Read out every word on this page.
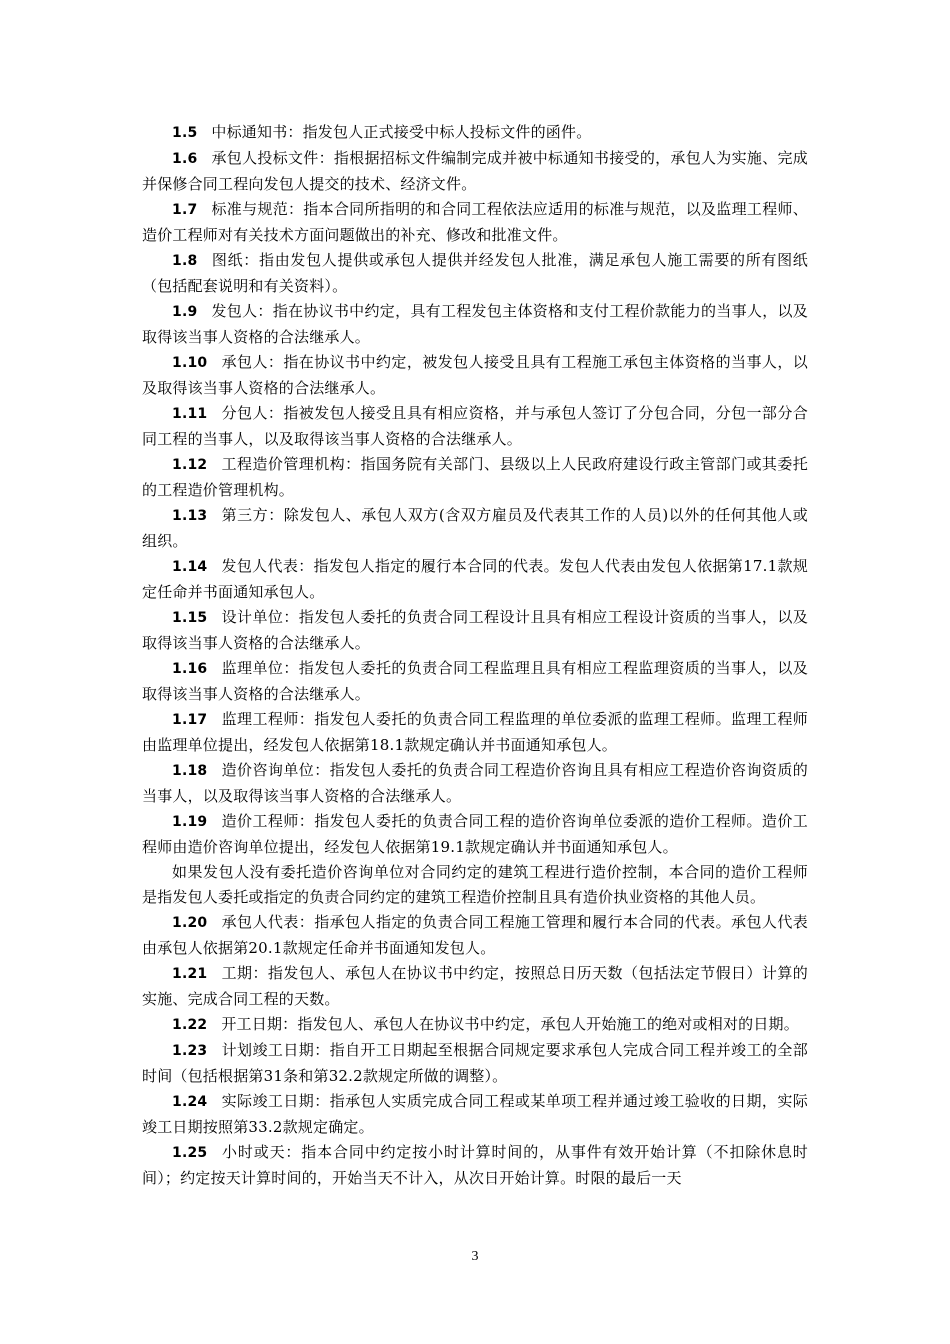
1.5 中标通知书：指发包人正式接受中标人投标文件的函件。

1.6 承包人投标文件：指根据招标文件编制完成并被中标通知书接受的，承包人为实施、完成并保修合同工程向发包人提交的技术、经济文件。

1.7 标准与规范：指本合同所指明的和合同工程依法应适用的标准与规范，以及监理工程师、造价工程师对有关技术方面问题做出的补充、修改和批准文件。

1.8 图纸：指由发包人提供或承包人提供并经发包人批准，满足承包人施工需要的所有图纸（包括配套说明和有关资料）。

1.9 发包人：指在协议书中约定，具有工程发包主体资格和支付工程价款能力的当事人，以及取得该当事人资格的合法继承人。

1.10 承包人：指在协议书中约定，被发包人接受且具有工程施工承包主体资格的当事人，以及取得该当事人资格的合法继承人。

1.11 分包人：指被发包人接受且具有相应资格，并与承包人签订了分包合同，分包一部分合同工程的当事人，以及取得该当事人资格的合法继承人。

1.12 工程造价管理机构：指国务院有关部门、县级以上人民政府建设行政主管部门或其委托的工程造价管理机构。

1.13 第三方：除发包人、承包人双方(含双方雇员及代表其工作的人员)以外的任何其他人或组织。

1.14 发包人代表：指发包人指定的履行本合同的代表。发包人代表由发包人依据第17.1款规定任命并书面通知承包人。

1.15 设计单位：指发包人委托的负责合同工程设计且具有相应工程设计资质的当事人，以及取得该当事人资格的合法继承人。

1.16 监理单位：指发包人委托的负责合同工程监理且具有相应工程监理资质的当事人，以及取得该当事人资格的合法继承人。

1.17 监理工程师：指发包人委托的负责合同工程监理的单位委派的监理工程师。监理工程师由监理单位提出，经发包人依据第18.1款规定确认并书面通知承包人。

1.18 造价咨询单位：指发包人委托的负责合同工程造价咨询且具有相应工程造价咨询资质的当事人，以及取得该当事人资格的合法继承人。

1.19 造价工程师：指发包人委托的负责合同工程的造价咨询单位委派的造价工程师。造价工程师由造价咨询单位提出，经发包人依据第19.1款规定确认并书面通知承包人。

如果发包人没有委托造价咨询单位对合同约定的建筑工程进行造价控制，本合同的造价工程师是指发包人委托或指定的负责合同约定的建筑工程造价控制且具有造价执业资格的其他人员。

1.20 承包人代表：指承包人指定的负责合同工程施工管理和履行本合同的代表。承包人代表由承包人依据第20.1款规定任命并书面通知发包人。

1.21 工期：指发包人、承包人在协议书中约定，按照总日历天数（包括法定节假日）计算的实施、完成合同工程的天数。

1.22 开工日期：指发包人、承包人在协议书中约定，承包人开始施工的绝对或相对的日期。

1.23 计划竣工日期：指自开工日期起至根据合同规定要求承包人完成合同工程并竣工的全部时间（包括根据第31条和第32.2款规定所做的调整）。

1.24 实际竣工日期：指承包人实质完成合同工程或某单项工程并通过竣工验收的日期，实际竣工日期按照第33.2款规定确定。

1.25 小时或天：指本合同中约定按小时计算时间的，从事件有效开始计算（不扣除休息时间）；约定按天计算时间的，开始当天不计入，从次日开始计算。时限的最后一天

3
